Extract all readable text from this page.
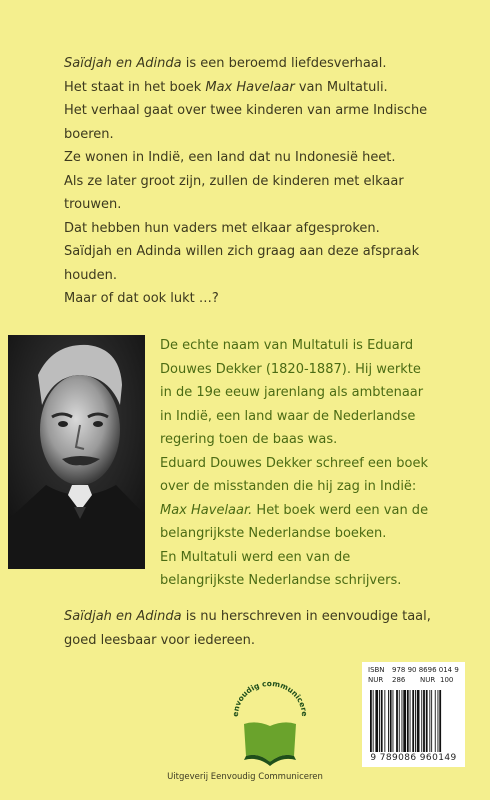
Saïdjah en Adinda is een beroemd liefdesverhaal.

Het staat in het boek Max Havelaar van Multatuli.

Het verhaal gaat over twee kinderen van arme Indische

boeren.

Ze wonen in Indië, een land dat nu Indonesië heet.

Als ze later groot zijn, zullen de kinderen met elkaar

trouwen.

Dat hebben hun vaders met elkaar afgesproken.

Saïdjah en Adinda willen zich graag aan deze afspraak

houden.

Maar of dat ook lukt …?

De echte naam van Multatuli is Eduard

Douwes Dekker (1820-1887). Hij werkte

in de 19e eeuw jarenlang als ambtenaar

in Indië, een land waar de Nederlandse

regering toen de baas was.

Eduard Douwes Dekker schreef een boek

over de misstanden die hij zag in Indië:

Max Havelaar. Het boek werd een van de

belangrijkste Nederlandse boeken.

En Multatuli werd een van de

belangrijkste Nederlandse schrijvers.

Saïdjah en Adinda is nu herschreven in eenvoudige taal,

goed leesbaar voor iedereen.

eenvoudig communiceren
ISBN 978 90 8696 014 9
NUR 286 NUR 100
9 789086 960149
Uitgeverij Eenvoudig Communiceren
